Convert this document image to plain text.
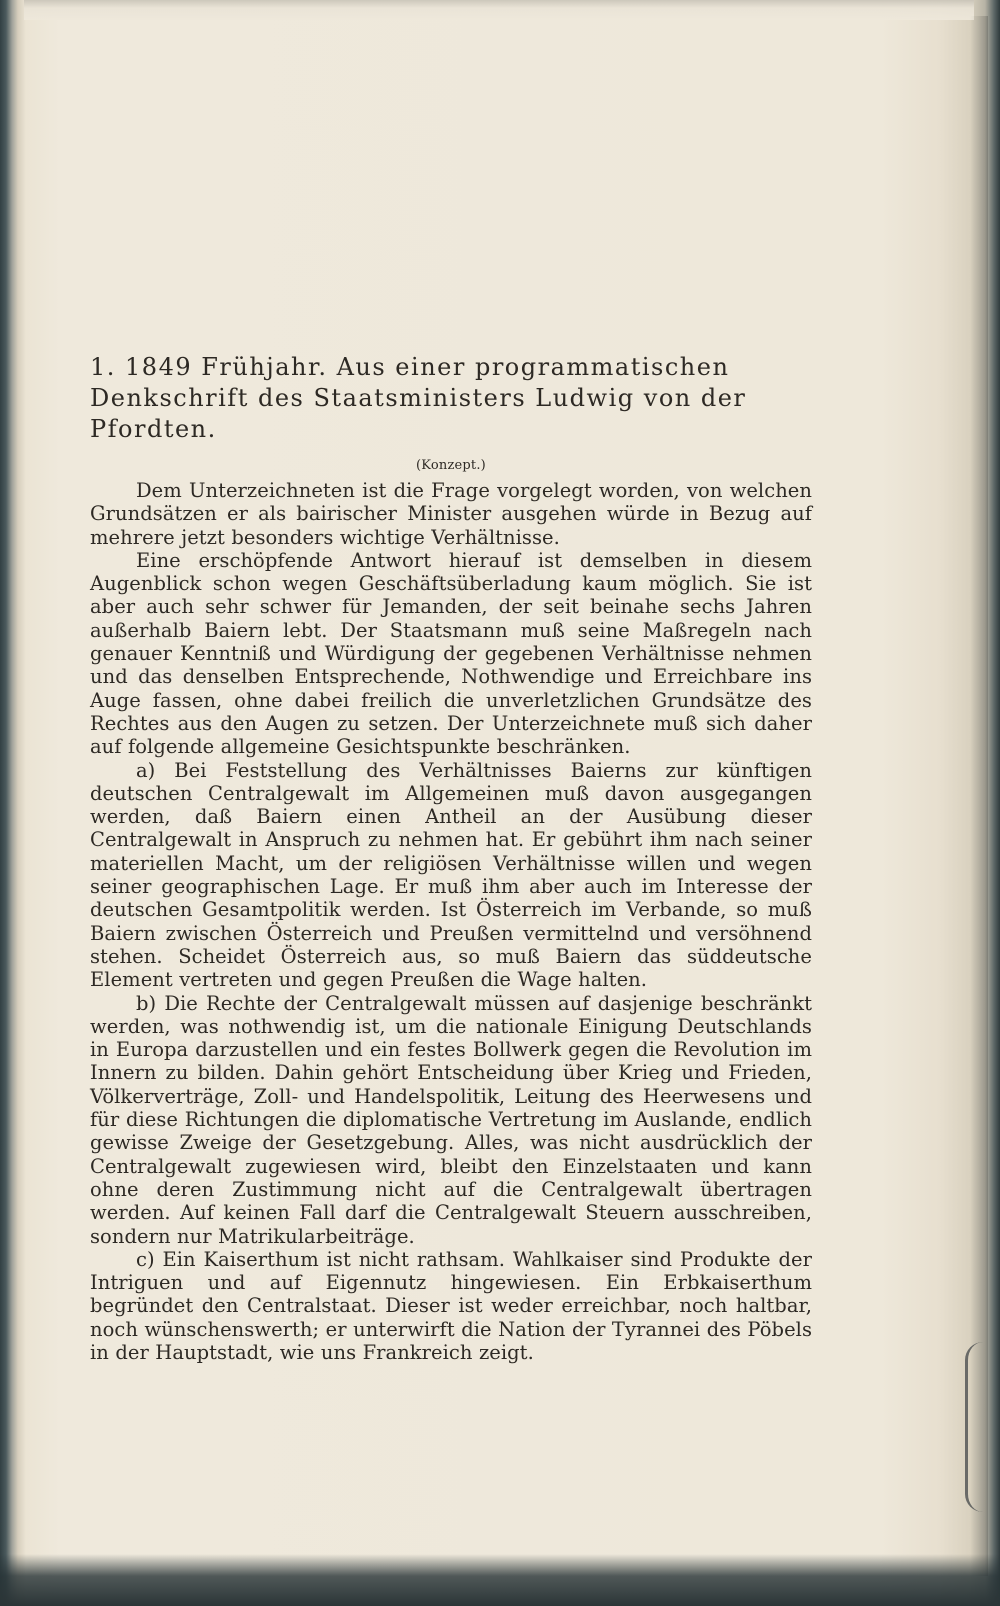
1. 1849 Frühjahr. Aus einer programmatischen Denkschrift des Staatsministers Ludwig von der Pfordten.
(Konzept.)

Dem Unterzeichneten ist die Frage vorgelegt worden, von welchen Grundsätzen er als bairischer Minister ausgehen würde in Bezug auf mehrere jetzt besonders wichtige Verhältnisse.

Eine erschöpfende Antwort hierauf ist demselben in diesem Augenblick schon wegen Geschäftsüberladung kaum möglich. Sie ist aber auch sehr schwer für Jemanden, der seit beinahe sechs Jahren außerhalb Baiern lebt. Der Staatsmann muß seine Maßregeln nach genauer Kenntniß und Würdigung der gegebenen Verhältnisse nehmen und das denselben Entsprechende, Nothwendige und Erreichbare ins Auge fassen, ohne dabei freilich die unverletzlichen Grundsätze des Rechtes aus den Augen zu setzen. Der Unterzeichnete muß sich daher auf folgende allgemeine Gesichtspunkte beschränken.

a) Bei Feststellung des Verhältnisses Baierns zur künftigen deutschen Centralgewalt im Allgemeinen muß davon ausgegangen werden, daß Baiern einen Antheil an der Ausübung dieser Centralgewalt in Anspruch zu nehmen hat. Er gebührt ihm nach seiner materiellen Macht, um der religiösen Verhältnisse willen und wegen seiner geographischen Lage. Er muß ihm aber auch im Interesse der deutschen Gesamtpolitik werden. Ist Österreich im Verbande, so muß Baiern zwischen Österreich und Preußen vermittelnd und versöhnend stehen. Scheidet Österreich aus, so muß Baiern das süddeutsche Element vertreten und gegen Preußen die Wage halten.

b) Die Rechte der Centralgewalt müssen auf dasjenige beschränkt werden, was nothwendig ist, um die nationale Einigung Deutschlands in Europa darzustellen und ein festes Bollwerk gegen die Revolution im Innern zu bilden. Dahin gehört Entscheidung über Krieg und Frieden, Völkerverträge, Zoll- und Handelspolitik, Leitung des Heerwesens und für diese Richtungen die diplomatische Vertretung im Auslande, endlich gewisse Zweige der Gesetzgebung. Alles, was nicht ausdrücklich der Centralgewalt zugewiesen wird, bleibt den Einzelstaaten und kann ohne deren Zustimmung nicht auf die Centralgewalt übertragen werden. Auf keinen Fall darf die Centralgewalt Steuern ausschreiben, sondern nur Matrikularbeiträge.

c) Ein Kaiserthum ist nicht rathsam. Wahlkaiser sind Produkte der Intriguen und auf Eigennutz hingewiesen. Ein Erbkaiserthum begründet den Centralstaat. Dieser ist weder erreichbar, noch haltbar, noch wünschenswerth; er unterwirft die Nation der Tyrannei des Pöbels in der Hauptstadt, wie uns Frankreich zeigt.
